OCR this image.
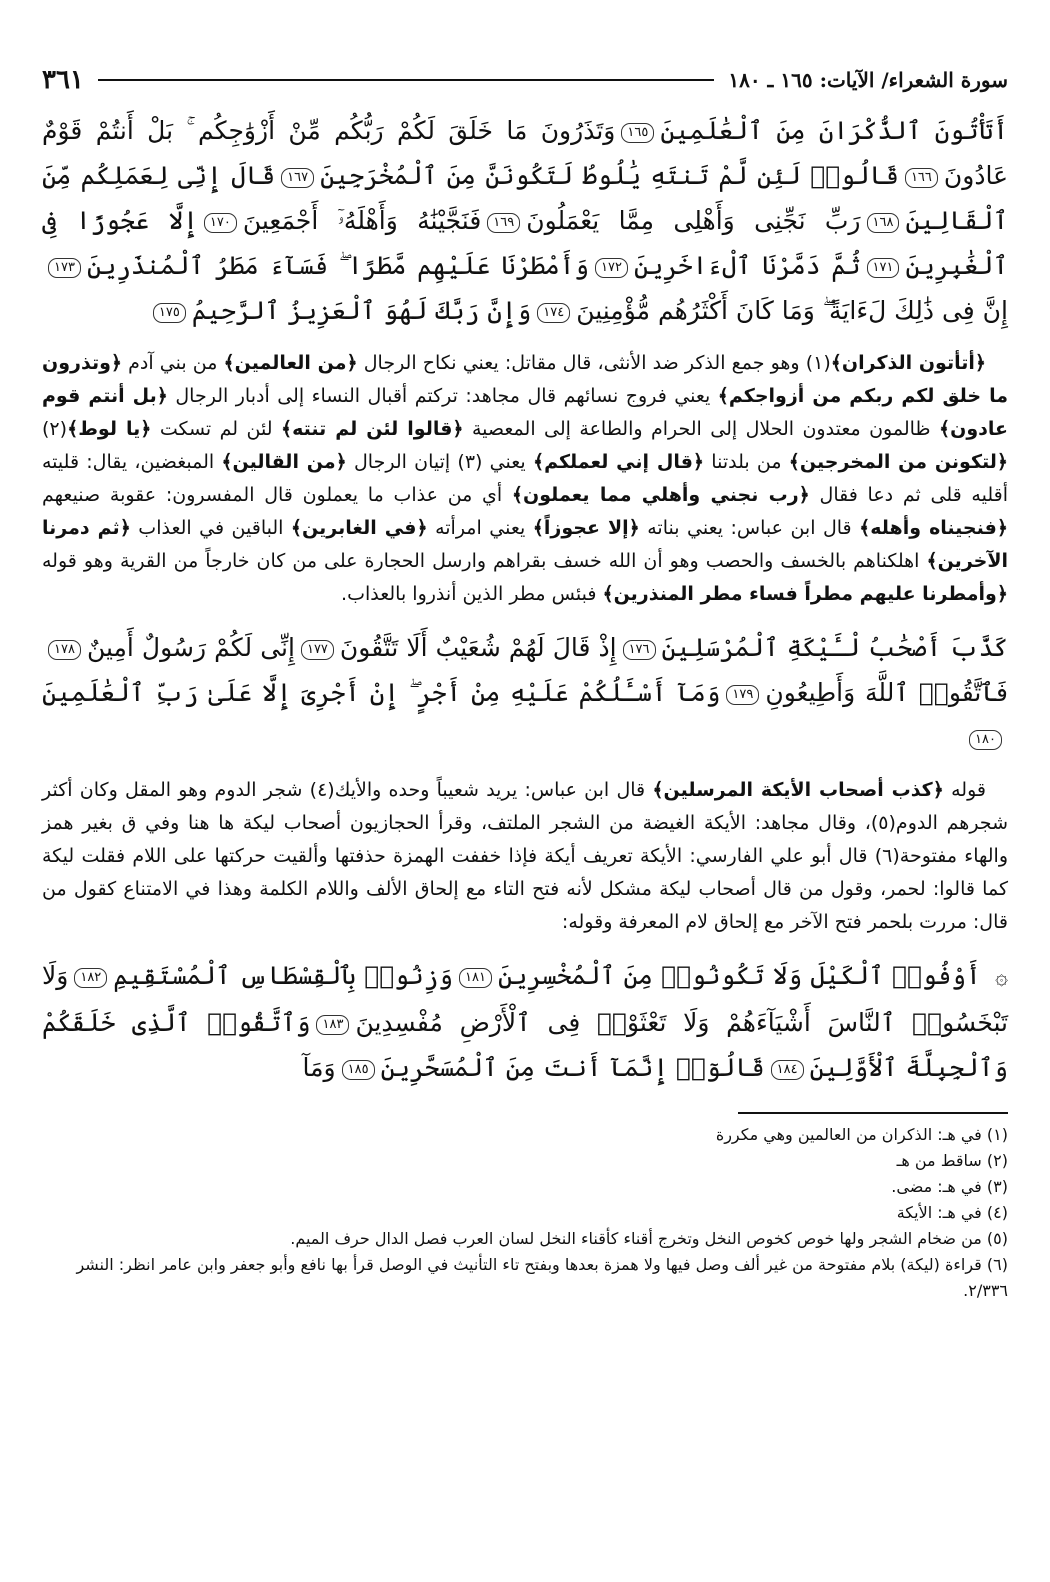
سورة الشعراء/ الآيات: ١٦٥ ـ ١٨٠
٣٦١
أَتَأْتُونَ ٱلذُّكْرَانَ مِنَ ٱلْعَٰلَمِينَ١٦٥وَتَذَرُونَ مَا خَلَقَ لَكُمْ رَبُّكُم مِّنْ أَزْوَٰجِكُم ۚ بَلْ أَنتُمْ قَوْمٌ عَادُونَ١٦٦قَالُوا۟ لَئِن لَّمْ تَنتَهِ يَٰلُوطُ لَتَكُونَنَّ مِنَ ٱلْمُخْرَجِينَ١٦٧قَالَ إِنِّى لِعَمَلِكُم مِّنَ ٱلْقَالِينَ١٦٨رَبِّ نَجِّنِى وَأَهْلِى مِمَّا يَعْمَلُونَ١٦٩فَنَجَّيْنَٰهُ وَأَهْلَهُۥٓ أَجْمَعِينَ١٧٠إِلَّا عَجُوزًا فِى ٱلْغَٰبِرِينَ١٧١ثُمَّ دَمَّرْنَا ٱلْءَاخَرِينَ١٧٢وَأَمْطَرْنَا عَلَيْهِم مَّطَرًا ۖ فَسَآءَ مَطَرُ ٱلْمُنذَرِينَ١٧٣إِنَّ فِى ذَٰلِكَ لَءَايَةً ۖ وَمَا كَانَ أَكْثَرُهُم مُّؤْمِنِينَ١٧٤وَإِنَّ رَبَّكَ لَهُوَ ٱلْعَزِيزُ ٱلرَّحِيمُ١٧٥
﴿أتأتون الذكران﴾(١) وهو جمع الذكر ضد الأنثى، قال مقاتل: يعني نكاح الرجال ﴿من العالمين﴾ من بني آدم ﴿وتذرون ما خلق لكم ربكم من أزواجكم﴾ يعني فروج نسائهم قال مجاهد: تركتم أقبال النساء إلى أدبار الرجال ﴿بل أنتم قوم عادون﴾ ظالمون معتدون الحلال إلى الحرام والطاعة إلى المعصية ﴿قالوا لئن لم تنته﴾ لئن لم تسكت ﴿يا لوط﴾(٢) ﴿لتكونن من المخرجين﴾ من بلدتنا ﴿قال إني لعملكم﴾ يعني (٣) إتيان الرجال ﴿من القالين﴾ المبغضين، يقال: قليته أقليه قلى ثم دعا فقال ﴿رب نجني وأهلي مما يعملون﴾ أي من عذاب ما يعملون قال المفسرون: عقوبة صنيعهم ﴿فنجيناه وأهله﴾ قال ابن عباس: يعني بناته ﴿إلا عجوزاً﴾ يعني امرأته ﴿في الغابرين﴾ الباقين في العذاب ﴿ثم دمرنا الآخرين﴾ اهلكناهم بالخسف والحصب وهو أن الله خسف بقراهم وارسل الحجارة على من كان خارجاً من القرية وهو قوله ﴿وأمطرنا عليهم مطراً فساء مطر المنذرين﴾ فبئس مطر الذين أنذروا بالعذاب.
كَذَّبَ أَصْحَٰبُ لْـَٔيْكَةِ ٱلْمُرْسَلِينَ١٧٦إِذْ قَالَ لَهُمْ شُعَيْبٌ أَلَا تَتَّقُونَ١٧٧إِنِّى لَكُمْ رَسُولٌ أَمِينٌ١٧٨فَٱتَّقُوا۟ ٱللَّهَ وَأَطِيعُونِ١٧٩وَمَآ أَسْـَٔلُكُمْ عَلَيْهِ مِنْ أَجْرٍ ۖ إِنْ أَجْرِىَ إِلَّا عَلَىٰ رَبِّ ٱلْعَٰلَمِينَ١٨٠
قوله ﴿كذب أصحاب الأيكة المرسلين﴾ قال ابن عباس: يريد شعيباً وحده والأيك(٤) شجر الدوم وهو المقل وكان أكثر شجرهم الدوم(٥)، وقال مجاهد: الأيكة الغيضة من الشجر الملتف، وقرأ الحجازيون أصحاب ليكة ها هنا وفي ق بغير همز والهاء مفتوحة(٦) قال أبو علي الفارسي: الأيكة تعريف أيكة فإذا خففت الهمزة حذفتها وألقيت حركتها على اللام فقلت ليكة كما قالوا: لحمر، وقول من قال أصحاب ليكة مشكل لأنه فتح التاء مع إلحاق الألف واللام الكلمة وهذا في الامتناع كقول من قال: مررت بلحمر فتح الآخر مع إلحاق لام المعرفة وقوله:
۞ أَوْفُوا۟ ٱلْكَيْلَ وَلَا تَكُونُوا۟ مِنَ ٱلْمُخْسِرِينَ١٨١وَزِنُوا۟ بِٱلْقِسْطَاسِ ٱلْمُسْتَقِيمِ١٨٢وَلَا تَبْخَسُوا۟ ٱلنَّاسَ أَشْيَآءَهُمْ وَلَا تَعْثَوْا۟ فِى ٱلْأَرْضِ مُفْسِدِينَ١٨٣وَٱتَّقُوا۟ ٱلَّذِى خَلَقَكُمْ وَٱلْجِبِلَّةَ ٱلْأَوَّلِينَ١٨٤قَالُوٓا۟ إِنَّمَآ أَنتَ مِنَ ٱلْمُسَحَّرِينَ١٨٥وَمَآ
(١) في هـ: الذكران من العالمين وهي مكررة
(٢) ساقط من هـ
(٣) في هـ: مضى.
(٤) في هـ: الأيكة
(٥) من ضخام الشجر ولها خوص كخوص النخل وتخرج أقناء كأقناء النخل لسان العرب فصل الدال حرف الميم.
(٦) قراءة (ليكة) بلام مفتوحة من غير ألف وصل فيها ولا همزة بعدها وبفتح تاء التأنيث في الوصل قرأ بها نافع وأبو جعفر وابن عامر انظر: النشر ٢/٣٣٦.
